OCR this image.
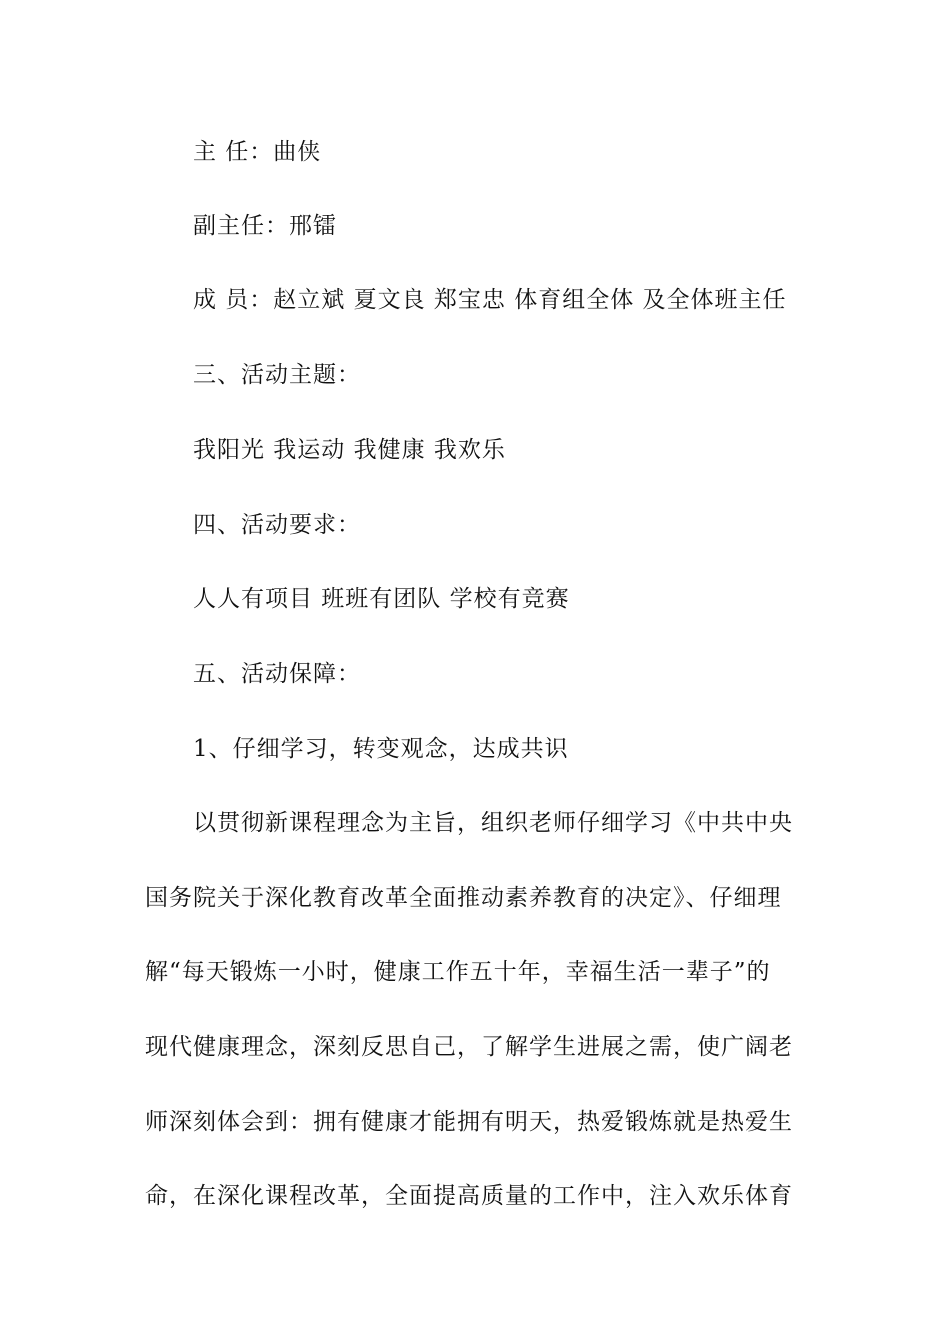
主 任：曲侠
副主任：邢镭
成 员：赵立斌 夏文良 郑宝忠 体育组全体 及全体班主任
三、活动主题：
我阳光 我运动 我健康 我欢乐
四、活动要求：
人人有项目 班班有团队 学校有竞赛
五、活动保障：
1、仔细学习，转变观念，达成共识
以贯彻新课程理念为主旨，组织老师仔细学习《中共中央
国务院关于深化教育改革全面推动素养教育的决定》、仔细理
解“每天锻炼一小时，健康工作五十年，幸福生活一辈子”的
现代健康理念，深刻反思自己，了解学生进展之需，使广阔老
师深刻体会到：拥有健康才能拥有明天，热爱锻炼就是热爱生
命，在深化课程改革，全面提高质量的工作中，注入欢乐体育
